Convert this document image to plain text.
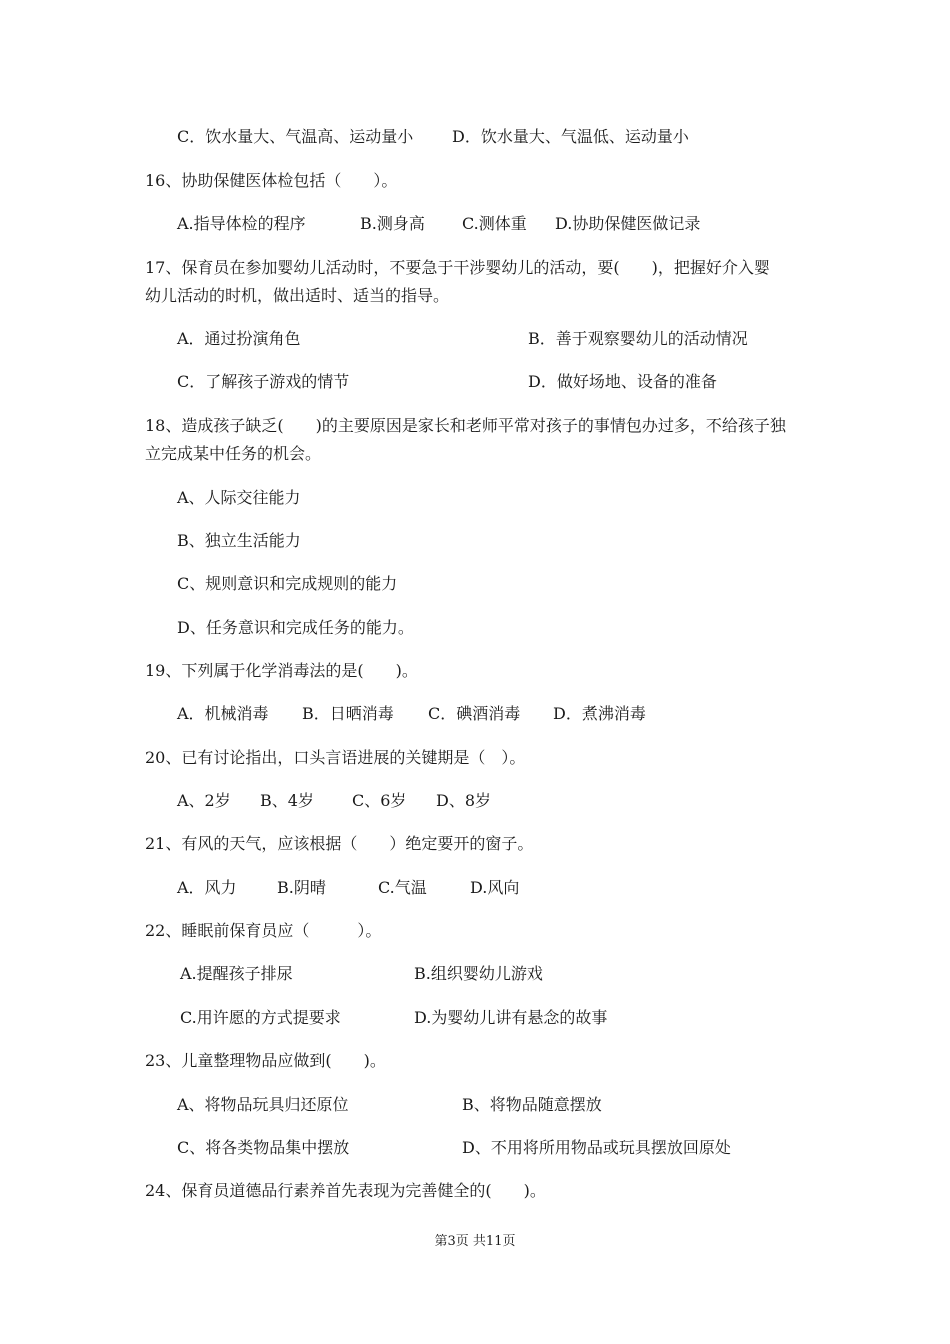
C．饮水量大、气温高、运动量小 D．饮水量大、气温低、运动量小
16、协助保健医体检包括（　　）。
A.指导体检的程序	B.测身高 C.测体重 D.协助保健医做记录
17、保育员在参加婴幼儿活动时，不要急于干涉婴幼儿的活动，要(　　)，把握好介入婴
幼儿活动的时机，做出适时、适当的指导。
A．通过扮演角色	B．善于观察婴幼儿的活动情况
C．了解孩子游戏的情节	D．做好场地、设备的准备
18、造成孩子缺乏(　　)的主要原因是家长和老师平常对孩子的事情包办过多，不给孩子独
立完成某中任务的机会。
A、人际交往能力
B、独立生活能力
C、规则意识和完成规则的能力
D、任务意识和完成任务的能力。
19、下列属于化学消毒法的是(　　)。
A．机械消毒 B．日晒消毒 C．碘酒消毒 D．煮沸消毒
20、已有讨论指出，口头言语进展的关键期是（　）。
A、2岁 B、4岁 C、6岁 D、8岁
21、有风的天气，应该根据（　　）绝定要开的窗子。
A．风力	B.阴晴	C.气温	D.风向
22、睡眠前保育员应（　　　）。
A.提醒孩子排尿	B.组织婴幼儿游戏
C.用许愿的方式提要求	D.为婴幼儿讲有悬念的故事
23、儿童整理物品应做到(　　)。
A、将物品玩具归还原位	B、将物品随意摆放
C、将各类物品集中摆放	D、不用将所用物品或玩具摆放回原处
24、保育员道德品行素养首先表现为完善健全的(　　)。
第3页 共11页
